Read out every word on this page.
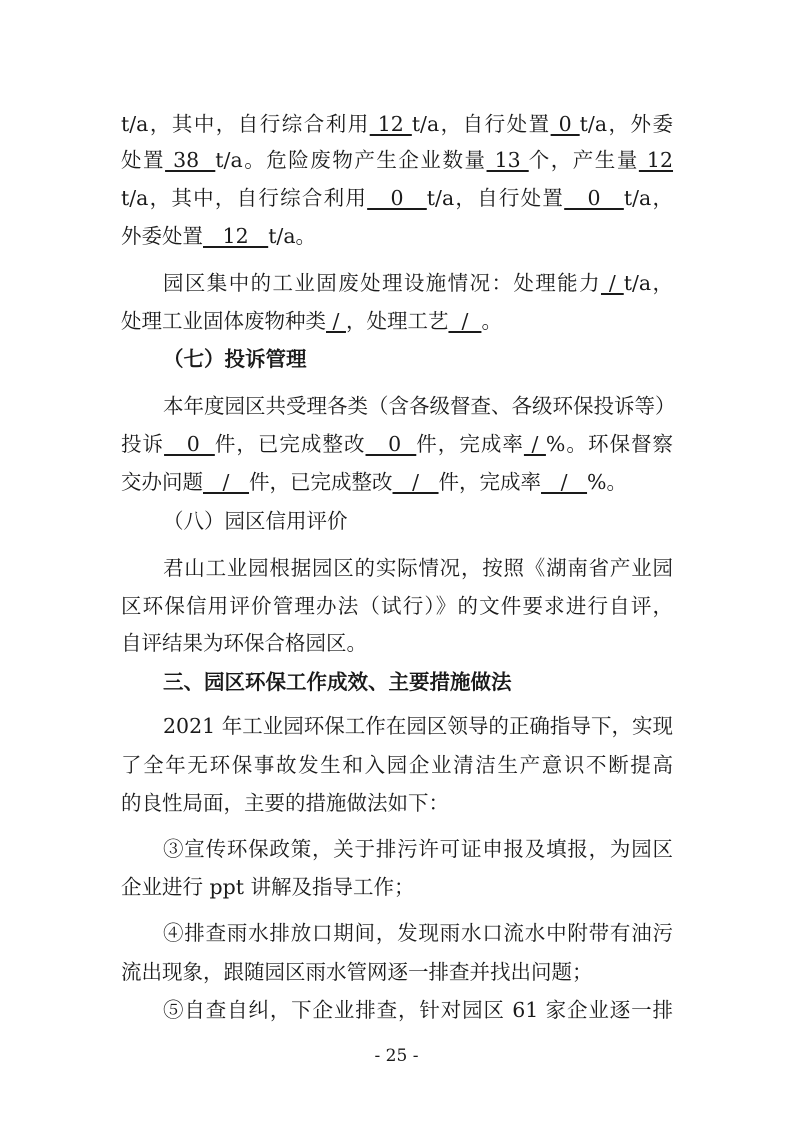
t/a，其中，自行综合利用 12 t/a，自行处置 0 t/a，外委
处置 38  t/a。危险废物产生企业数量 13 个，产生量 12
t/a，其中，自行综合利用   0   t/a，自行处置   0   t/a，
外委处置   12   t/a。
园区集中的工业固废处理设施情况：处理能力 / t/a，
处理工业固体废物种类 / ，处理工艺  /  。
（七）投诉管理
本年度园区共受理各类（含各级督查、各级环保投诉等）
投诉   0  件，已完成整改   0  件，完成率 / %。环保督察
交办问题   /   件，已完成整改   /   件，完成率   /   %。
（八）园区信用评价
君山工业园根据园区的实际情况，按照《湖南省产业园
区环保信用评价管理办法（试行）》的文件要求进行自评，
自评结果为环保合格园区。
三、园区环保工作成效、主要措施做法
2021 年工业园环保工作在园区领导的正确指导下，实现
了全年无环保事故发生和入园企业清洁生产意识不断提高
的良性局面，主要的措施做法如下：
③宣传环保政策，关于排污许可证申报及填报，为园区
企业进行 ppt 讲解及指导工作；
④排查雨水排放口期间，发现雨水口流水中附带有油污
流出现象，跟随园区雨水管网逐一排查并找出问题；
⑤自查自纠，下企业排查，针对园区 61 家企业逐一排
- 25 -
